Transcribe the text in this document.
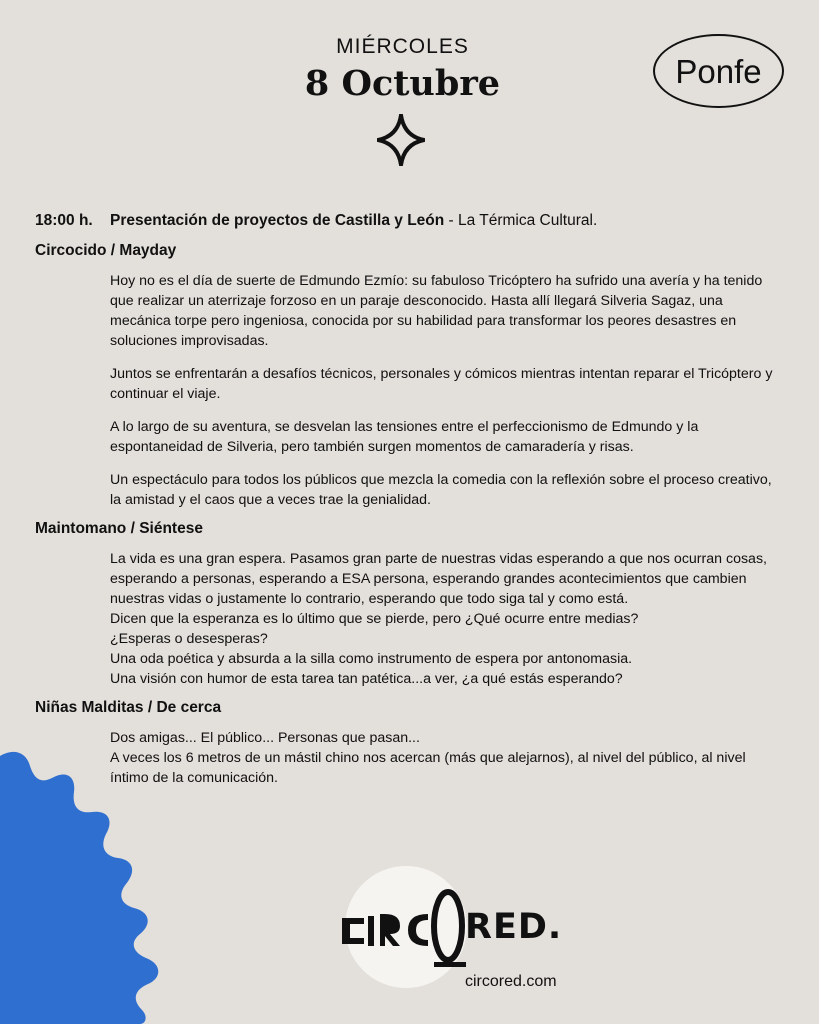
MIÉRCOLES
8 Octubre	Ponfe
18:00 h. Presentación de proyectos de Castilla y León - La Térmica Cultural.
Circocido / Mayday

Hoy no es el día de suerte de Edmundo Ezmío: su fabuloso Tricóptero ha sufrido una avería y ha tenido que realizar un aterrizaje forzoso en un paraje desconocido. Hasta allí llegará Silveria Sagaz, una mecánica torpe pero ingeniosa, conocida por su habilidad para transformar los peores desastres en soluciones improvisadas.

Juntos se enfrentarán a desafíos técnicos, personales y cómicos mientras intentan reparar el Tricóptero y continuar el viaje.

A lo largo de su aventura, se desvelan las tensiones entre el perfeccionismo de Edmundo y la espontaneidad de Silveria, pero también surgen momentos de camaradería y risas.

Un espectáculo para todos los públicos que mezcla la comedia con la reflexión sobre el proceso creativo, la amistad y el caos que a veces trae la genialidad.

Maintomano / Siéntese

La vida es una gran espera. Pasamos gran parte de nuestras vidas esperando a que nos ocurran cosas, esperando a personas, esperando a ESA persona, esperando grandes acontecimientos que cambien nuestras vidas o justamente lo contrario, esperando que todo siga tal y como está.

Dicen que la esperanza es lo último que se pierde, pero ¿Qué ocurre entre medias?

¿Esperas o desesperas?

Una oda poética y absurda a la silla como instrumento de espera por antonomasia.

Una visión con humor de esta tarea tan patética...a ver, ¿a qué estás esperando?

Niñas Malditas / De cerca

Dos amigas... El público... Personas que pasan...

A veces los 6 metros de un mástil chino nos acercan (más que alejarnos), al nivel del público, al nivel íntimo de la comunicación.

RED.
circored.com
